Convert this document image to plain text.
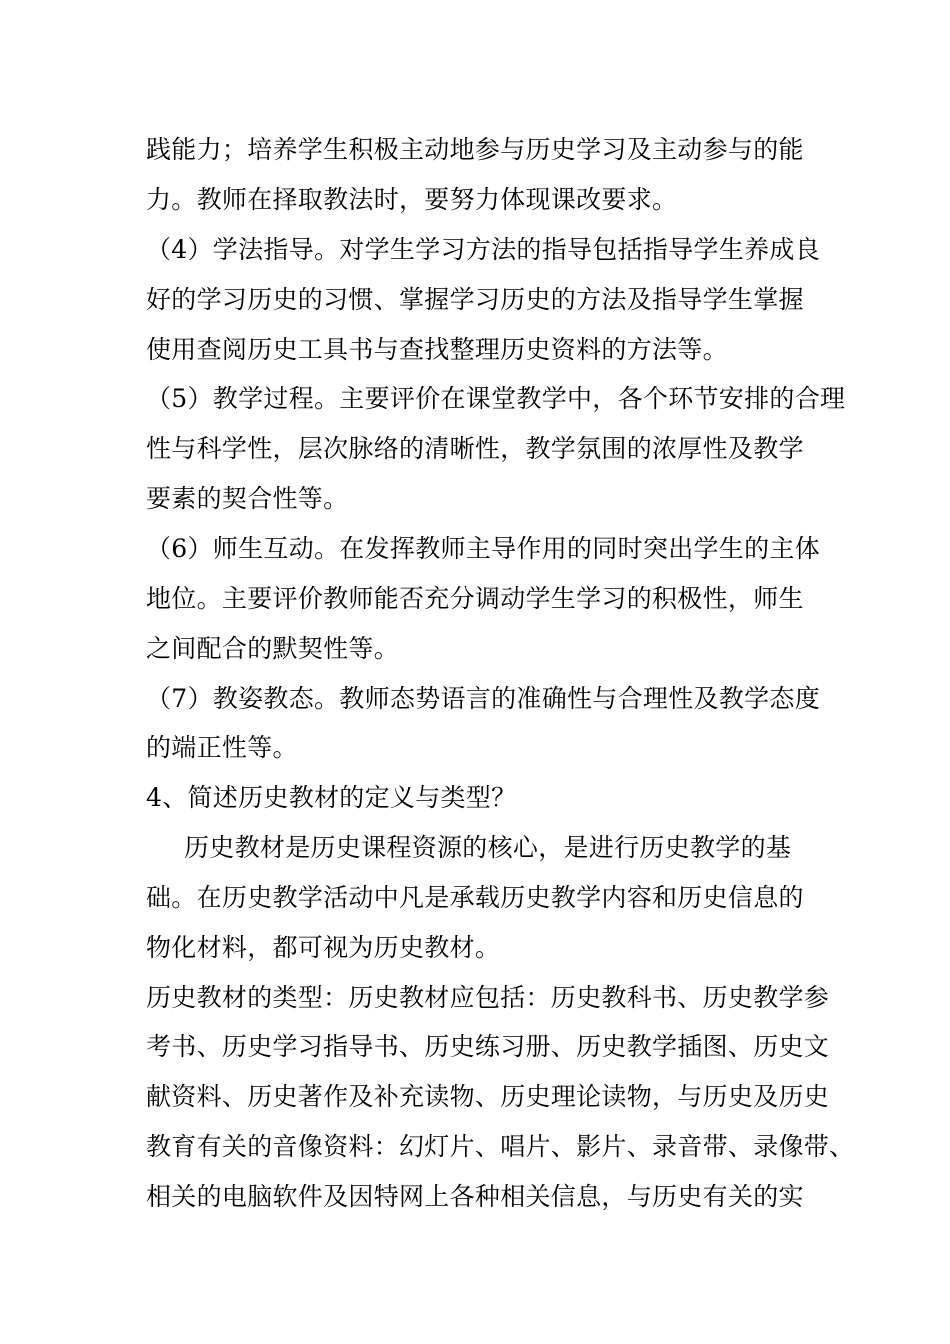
践能力；培养学生积极主动地参与历史学习及主动参与的能
力。教师在择取教法时，要努力体现课改要求。
（4）学法指导。对学生学习方法的指导包括指导学生养成良
好的学习历史的习惯、掌握学习历史的方法及指导学生掌握
使用查阅历史工具书与查找整理历史资料的方法等。
（5）教学过程。主要评价在课堂教学中，各个环节安排的合理
性与科学性，层次脉络的清晰性，教学氛围的浓厚性及教学
要素的契合性等。
（6）师生互动。在发挥教师主导作用的同时突出学生的主体
地位。主要评价教师能否充分调动学生学习的积极性，师生
之间配合的默契性等。
（7）教姿教态。教师态势语言的准确性与合理性及教学态度
的端正性等。
4、简述历史教材的定义与类型？
历史教材是历史课程资源的核心，是进行历史教学的基
础。在历史教学活动中凡是承载历史教学内容和历史信息的
物化材料，都可视为历史教材。
历史教材的类型：历史教材应包括：历史教科书、历史教学参
考书、历史学习指导书、历史练习册、历史教学插图、历史文
献资料、历史著作及补充读物、历史理论读物，与历史及历史
教育有关的音像资料：幻灯片、唱片、影片、录音带、录像带、
相关的电脑软件及因特网上各种相关信息，与历史有关的实
